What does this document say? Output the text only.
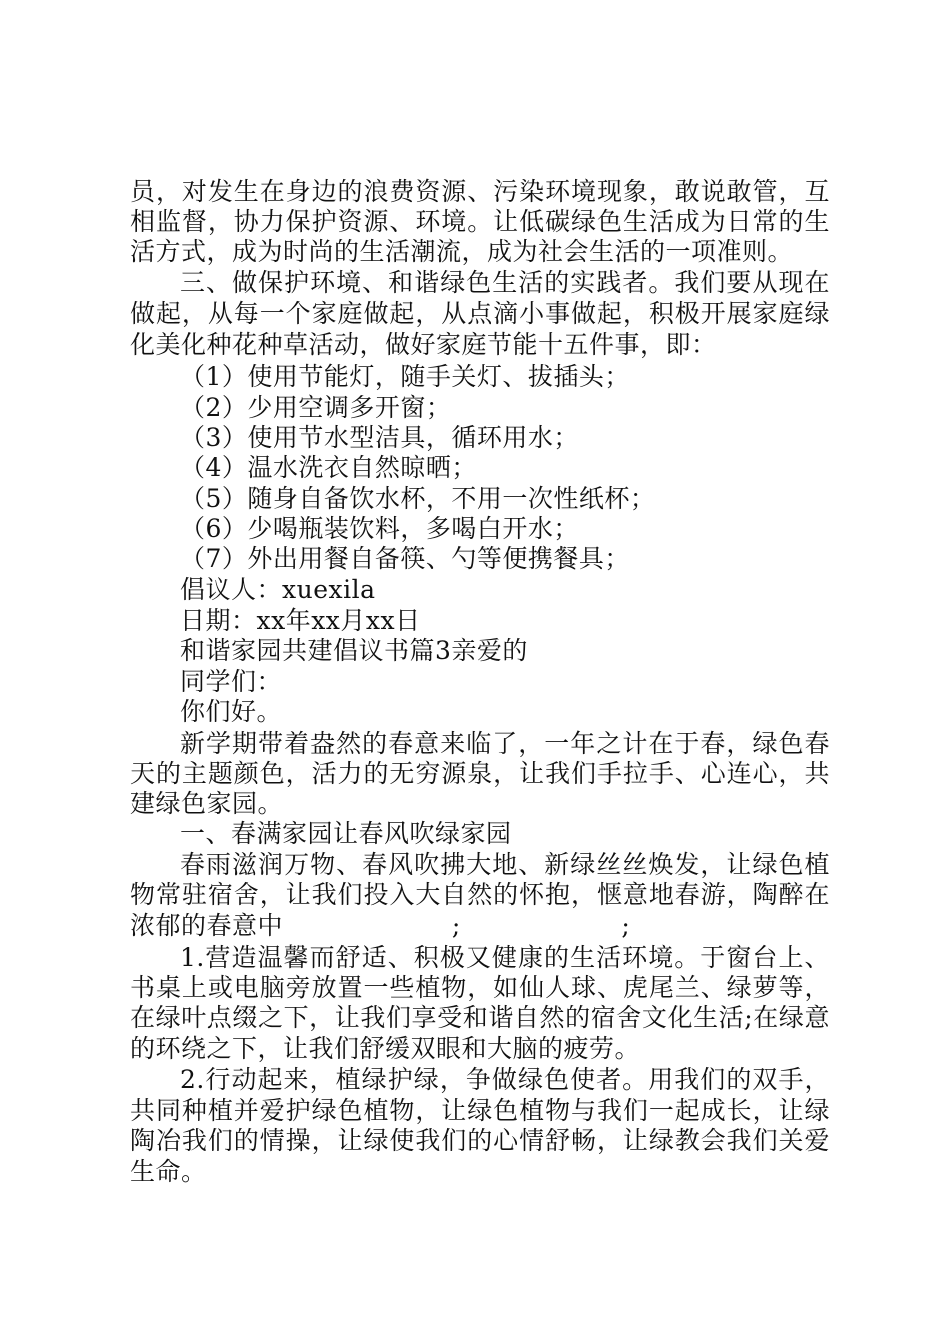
员，对发生在身边的浪费资源、污染环境现象，敢说敢管，互
相监督，协力保护资源、环境。让低碳绿色生活成为日常的生
活方式，成为时尚的生活潮流，成为社会生活的一项准则。
三、做保护环境、和谐绿色生活的实践者。我们要从现在
做起，从每一个家庭做起，从点滴小事做起，积极开展家庭绿
化美化种花种草活动，做好家庭节能十五件事，即：
（1）使用节能灯，随手关灯、拔插头；
（2）少用空调多开窗；
（3）使用节水型洁具，循环用水；
（4）温水洗衣自然晾晒；
（5）随身自备饮水杯，不用一次性纸杯；
（6）少喝瓶装饮料，多喝白开水；
（7）外出用餐自备筷、勺等便携餐具；
倡议人：xuexila
日期：xx年xx月xx日
和谐家园共建倡议书篇3亲爱的
同学们：
你们好。
新学期带着盎然的春意来临了，一年之计在于春，绿色春
天的主题颜色，活力的无穷源泉，让我们手拉手、心连心，共
建绿色家园。
一、春满家园让春风吹绿家园
春雨滋润万物、春风吹拂大地、新绿丝丝焕发，让绿色植
物常驻宿舍，让我们投入大自然的怀抱，惬意地春游，陶醉在
浓郁的春意中                    ;                   ;
1.营造温馨而舒适、积极又健康的生活环境。于窗台上、
书桌上或电脑旁放置一些植物，如仙人球、虎尾兰、绿萝等，
在绿叶点缀之下，让我们享受和谐自然的宿舍文化生活;在绿意
的环绕之下，让我们舒缓双眼和大脑的疲劳。
2.行动起来，植绿护绿，争做绿色使者。用我们的双手，
共同种植并爱护绿色植物，让绿色植物与我们一起成长，让绿
陶冶我们的情操，让绿使我们的心情舒畅，让绿教会我们关爱
生命。
